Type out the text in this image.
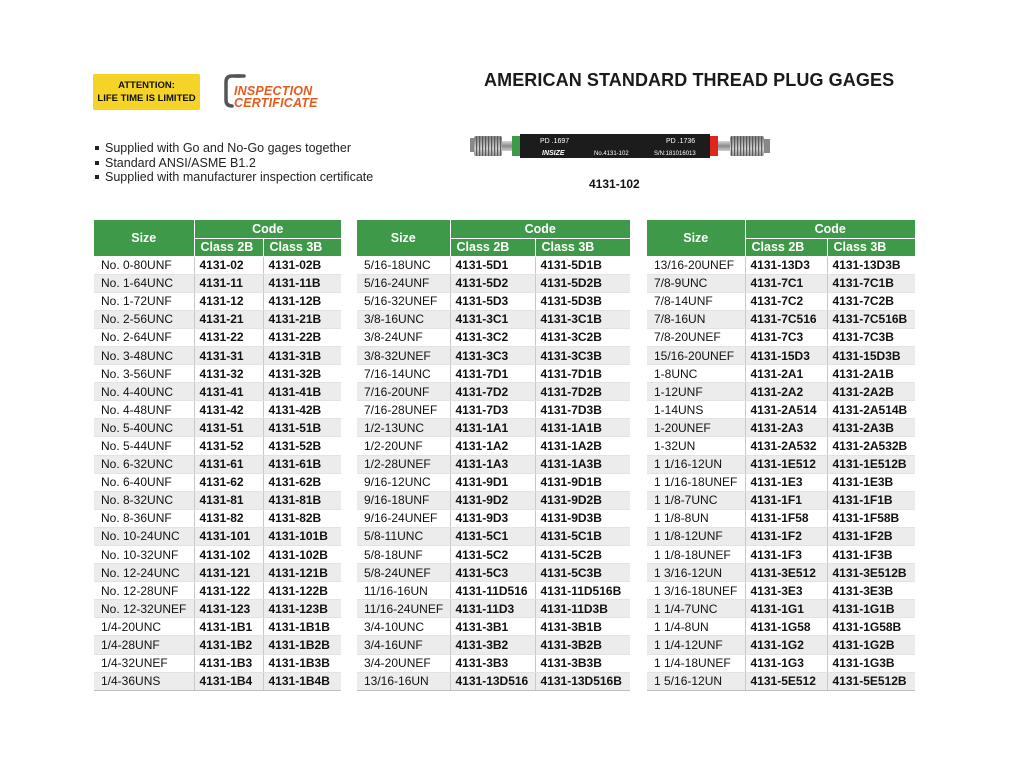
ATTENTION:
LIFE TIME IS LIMITED
INSPECTION
CERTIFICATE
AMERICAN STANDARD THREAD PLUG GAGES
Supplied with Go and No-Go gages together
Standard ANSI/ASME B1.2
Supplied with manufacturer inspection certificate
PD .1697	PD .1736
INSIZE	No.4131-102	S/N:181016013
4131-102
Size	Code	
	Class 2B	Class 3B
No. 0-80UNF	4131-02	4131-02B
No. 1-64UNC	4131-11	4131-11B
No. 1-72UNF	4131-12	4131-12B
No. 2-56UNC	4131-21	4131-21B
No. 2-64UNF	4131-22	4131-22B
No. 3-48UNC	4131-31	4131-31B
No. 3-56UNF	4131-32	4131-32B
No. 4-40UNC	4131-41	4131-41B
No. 4-48UNF	4131-42	4131-42B
No. 5-40UNC	4131-51	4131-51B
No. 5-44UNF	4131-52	4131-52B
No. 6-32UNC	4131-61	4131-61B
No. 6-40UNF	4131-62	4131-62B
No. 8-32UNC	4131-81	4131-81B
No. 8-36UNF	4131-82	4131-82B
No. 10-24UNC	4131-101	4131-101B
No. 10-32UNF	4131-102	4131-102B
No. 12-24UNC	4131-121	4131-121B
No. 12-28UNF	4131-122	4131-122B
No. 12-32UNEF	4131-123	4131-123B
1/4-20UNC	4131-1B1	4131-1B1B
1/4-28UNF	4131-1B2	4131-1B2B
1/4-32UNEF	4131-1B3	4131-1B3B
1/4-36UNS	4131-1B4	4131-1B4B
Size	Code	
	Class 2B	Class 3B
5/16-18UNC	4131-5D1	4131-5D1B
5/16-24UNF	4131-5D2	4131-5D2B
5/16-32UNEF	4131-5D3	4131-5D3B
3/8-16UNC	4131-3C1	4131-3C1B
3/8-24UNF	4131-3C2	4131-3C2B
3/8-32UNEF	4131-3C3	4131-3C3B
7/16-14UNC	4131-7D1	4131-7D1B
7/16-20UNF	4131-7D2	4131-7D2B
7/16-28UNEF	4131-7D3	4131-7D3B
1/2-13UNC	4131-1A1	4131-1A1B
1/2-20UNF	4131-1A2	4131-1A2B
1/2-28UNEF	4131-1A3	4131-1A3B
9/16-12UNC	4131-9D1	4131-9D1B
9/16-18UNF	4131-9D2	4131-9D2B
9/16-24UNEF	4131-9D3	4131-9D3B
5/8-11UNC	4131-5C1	4131-5C1B
5/8-18UNF	4131-5C2	4131-5C2B
5/8-24UNEF	4131-5C3	4131-5C3B
11/16-16UN	4131-11D516	4131-11D516B
11/16-24UNEF	4131-11D3	4131-11D3B
3/4-10UNC	4131-3B1	4131-3B1B
3/4-16UNF	4131-3B2	4131-3B2B
3/4-20UNEF	4131-3B3	4131-3B3B
13/16-16UN	4131-13D516	4131-13D516B
Size	Code	
	Class 2B	Class 3B
13/16-20UNEF	4131-13D3	4131-13D3B
7/8-9UNC	4131-7C1	4131-7C1B
7/8-14UNF	4131-7C2	4131-7C2B
7/8-16UN	4131-7C516	4131-7C516B
7/8-20UNEF	4131-7C3	4131-7C3B
15/16-20UNEF	4131-15D3	4131-15D3B
1-8UNC	4131-2A1	4131-2A1B
1-12UNF	4131-2A2	4131-2A2B
1-14UNS	4131-2A514	4131-2A514B
1-20UNEF	4131-2A3	4131-2A3B
1-32UN	4131-2A532	4131-2A532B
1 1/16-12UN	4131-1E512	4131-1E512B
1 1/16-18UNEF	4131-1E3	4131-1E3B
1 1/8-7UNC	4131-1F1	4131-1F1B
1 1/8-8UN	4131-1F58	4131-1F58B
1 1/8-12UNF	4131-1F2	4131-1F2B
1 1/8-18UNEF	4131-1F3	4131-1F3B
1 3/16-12UN	4131-3E512	4131-3E512B
1 3/16-18UNEF	4131-3E3	4131-3E3B
1 1/4-7UNC	4131-1G1	4131-1G1B
1 1/4-8UN	4131-1G58	4131-1G58B
1 1/4-12UNF	4131-1G2	4131-1G2B
1 1/4-18UNEF	4131-1G3	4131-1G3B
1 5/16-12UN	4131-5E512	4131-5E512B
